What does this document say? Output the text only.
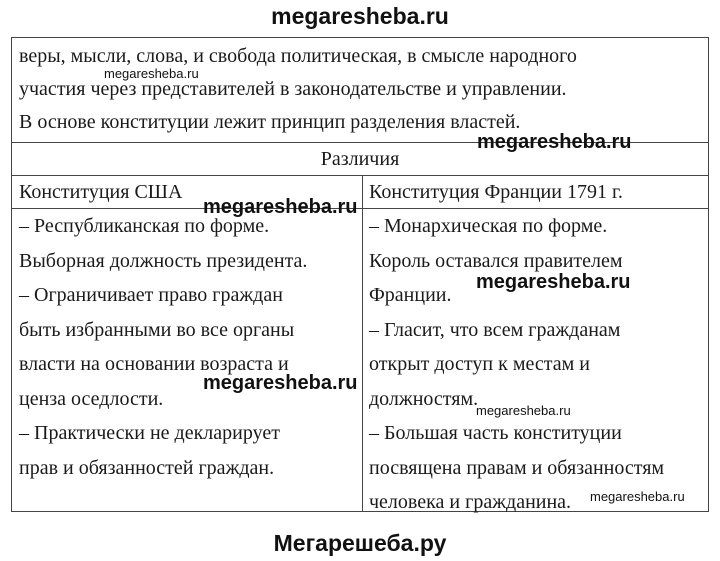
megaresheba.ru
веры, мысли, слова, и свобода политическая, в смысле народного
участия через представителей в законодательстве и управлении.
В основе конституции лежит принцип разделения властей.
Различия
Конституция США	Конституция Франции 1791 г.
– Республиканская по форме.
Выборная должность президента.
– Ограничивает право граждан
быть избранными во все органы
власти на основании возраста и
ценза оседлости.
– Практически не декларирует
прав и обязанностей граждан.
– Монархическая по форме.
Король оставался правителем
Франции.
– Гласит, что всем гражданам
открыт доступ к местам и
должностям.
– Большая часть конституции
посвящена правам и обязанностям
человека и гражданина.
megaresheba.ru
megaresheba.ru
megaresheba.ru
megaresheba.ru
megaresheba.ru
megaresheba.ru
megaresheba.ru
Мегарешеба.ру
